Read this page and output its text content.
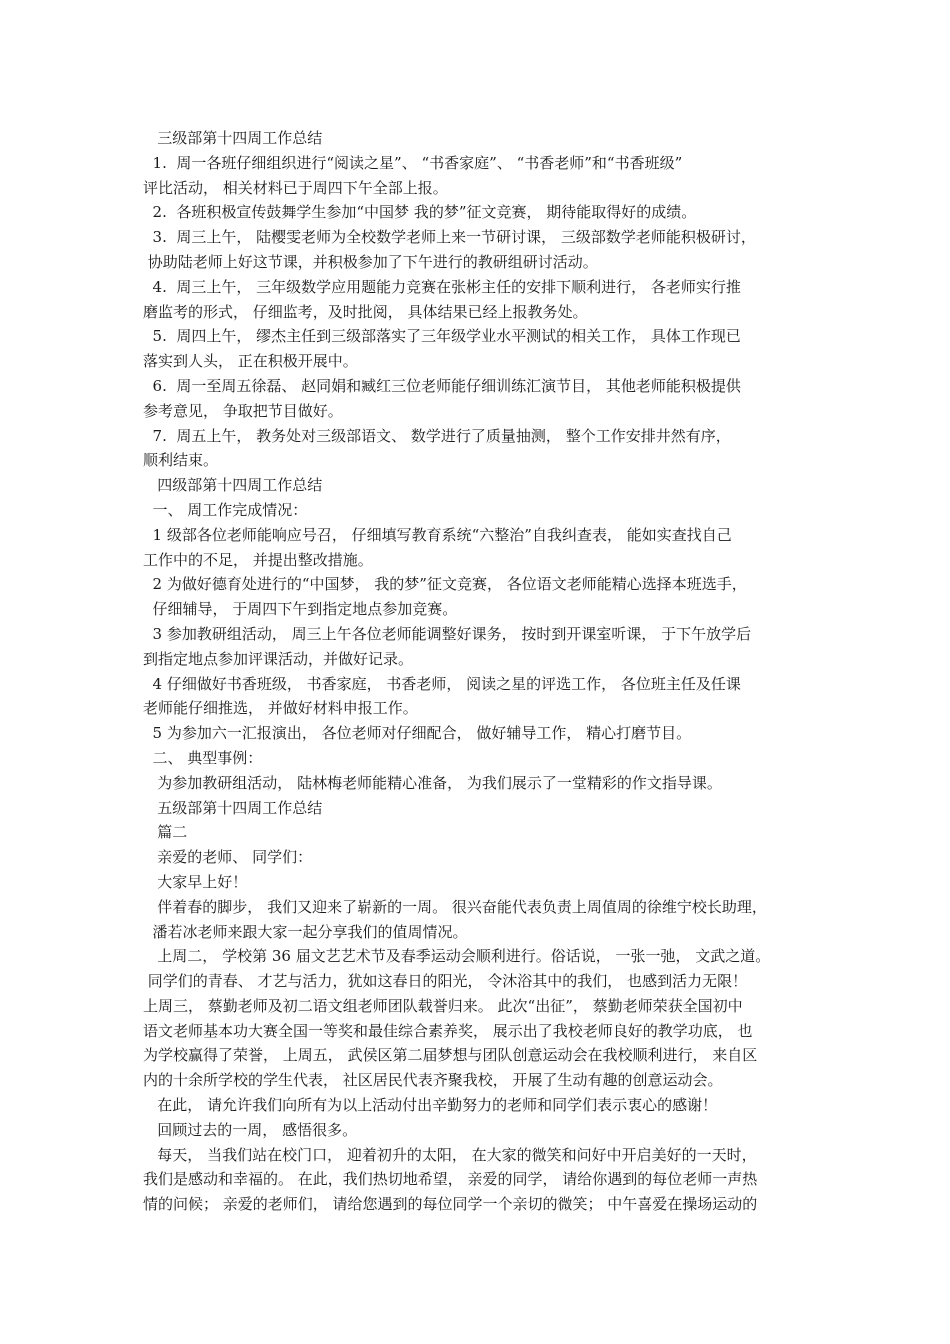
三级部第十四周工作总结
1.  周一各班仔细组织进行“阅读之星”、 “书香家庭”、 “书香老师”和“书香班级”
评比活动， 相关材料已于周四下午全部上报。
2.  各班积极宣传鼓舞学生参加“中国梦 我的梦”征文竞赛， 期待能取得好的成绩。
3.  周三上午， 陆樱雯老师为全校数学老师上来一节研讨课， 三级部数学老师能积极研讨，
协助陆老师上好这节课，并积极参加了下午进行的教研组研讨活动。
4.  周三上午， 三年级数学应用题能力竞赛在张彬主任的安排下顺利进行， 各老师实行推
磨监考的形式， 仔细监考，及时批阅， 具体结果已经上报教务处。
5.  周四上午， 缪杰主任到三级部落实了三年级学业水平测试的相关工作， 具体工作现已
落实到人头， 正在积极开展中。
6.  周一至周五徐磊、 赵同娟和臧红三位老师能仔细训练汇演节目， 其他老师能积极提供
参考意见， 争取把节目做好。
7.  周五上午， 教务处对三级部语文、 数学进行了质量抽测， 整个工作安排井然有序，
顺利结束。
四级部第十四周工作总结
一、 周工作完成情况：
1 级部各位老师能响应号召， 仔细填写教育系统“六整治”自我纠查表， 能如实查找自己
工作中的不足， 并提出整改措施。
2 为做好德育处进行的“中国梦， 我的梦”征文竞赛， 各位语文老师能精心选择本班选手，
仔细辅导， 于周四下午到指定地点参加竞赛。
3 参加教研组活动， 周三上午各位老师能调整好课务， 按时到开课室听课， 于下午放学后
到指定地点参加评课活动，并做好记录。
4 仔细做好书香班级， 书香家庭， 书香老师， 阅读之星的评选工作， 各位班主任及任课
老师能仔细推选， 并做好材料申报工作。
5 为参加六一汇报演出， 各位老师对仔细配合， 做好辅导工作， 精心打磨节目。
二、 典型事例：
为参加教研组活动， 陆林梅老师能精心准备， 为我们展示了一堂精彩的作文指导课。
五级部第十四周工作总结
篇二
亲爱的老师、 同学们：
大家早上好！
伴着春的脚步， 我们又迎来了崭新的一周。 很兴奋能代表负责上周值周的徐维宁校长助理，
潘若冰老师来跟大家一起分享我们的值周情况。
上周二， 学校第 36 届文艺艺术节及春季运动会顺利进行。俗话说， 一张一弛， 文武之道。
同学们的青春、 才艺与活力，犹如这春日的阳光， 令沐浴其中的我们， 也感到活力无限！
上周三， 蔡勤老师及初二语文组老师团队载誉归来。 此次“出征”， 蔡勤老师荣获全国初中
语文老师基本功大赛全国一等奖和最佳综合素养奖， 展示出了我校老师良好的教学功底， 也
为学校赢得了荣誉， 上周五， 武侯区第二届梦想与团队创意运动会在我校顺利进行， 来自区
内的十余所学校的学生代表， 社区居民代表齐聚我校， 开展了生动有趣的创意运动会。
在此， 请允许我们向所有为以上活动付出辛勤努力的老师和同学们表示衷心的感谢！
回顾过去的一周， 感悟很多。
每天， 当我们站在校门口， 迎着初升的太阳， 在大家的微笑和问好中开启美好的一天时，
我们是感动和幸福的。 在此，我们热切地希望， 亲爱的同学， 请给你遇到的每位老师一声热
情的问候； 亲爱的老师们， 请给您遇到的每位同学一个亲切的微笑； 中午喜爱在操场运动的
